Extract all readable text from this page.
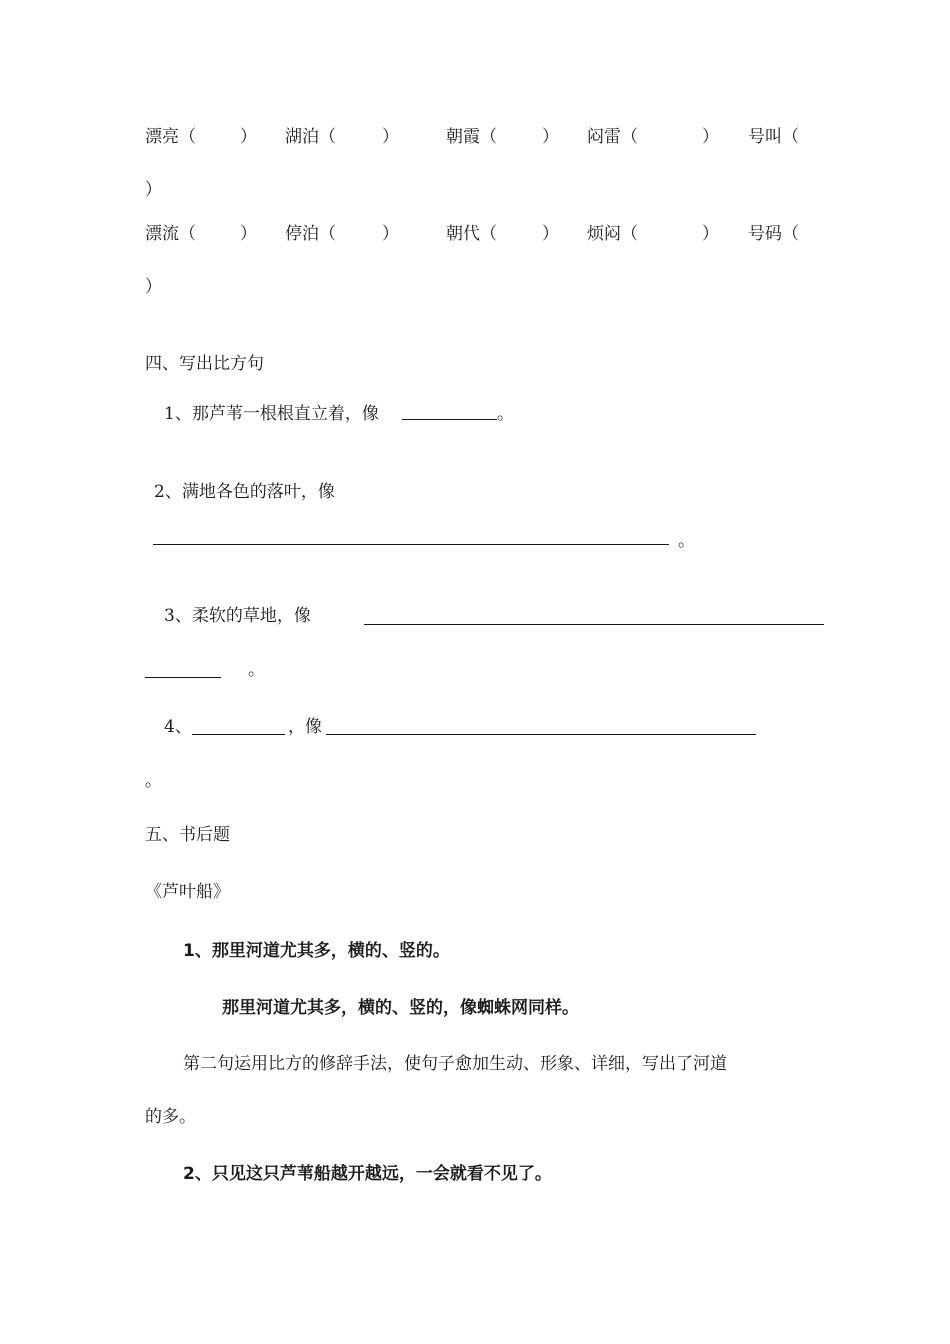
漂亮（	） 湖泊（	）	朝霞（	） 闷雷（	） 号叫（
）
漂流（	） 停泊（	）	朝代（	） 烦闷（	） 号码（
）
四、写出比方句
1、那芦苇一根根直立着，像	。
2、满地各色的落叶，像
。
3、柔软的草地，像
。
4、	，像
。
五、书后题
《芦叶船》
1、那里河道尤其多，横的、竖的。
那里河道尤其多，横的、竖的，像蜘蛛网同样。
第二句运用比方的修辞手法，使句子愈加生动、形象、详细，写出了河道
的多。
2、只见这只芦苇船越开越远，一会就看不见了。
